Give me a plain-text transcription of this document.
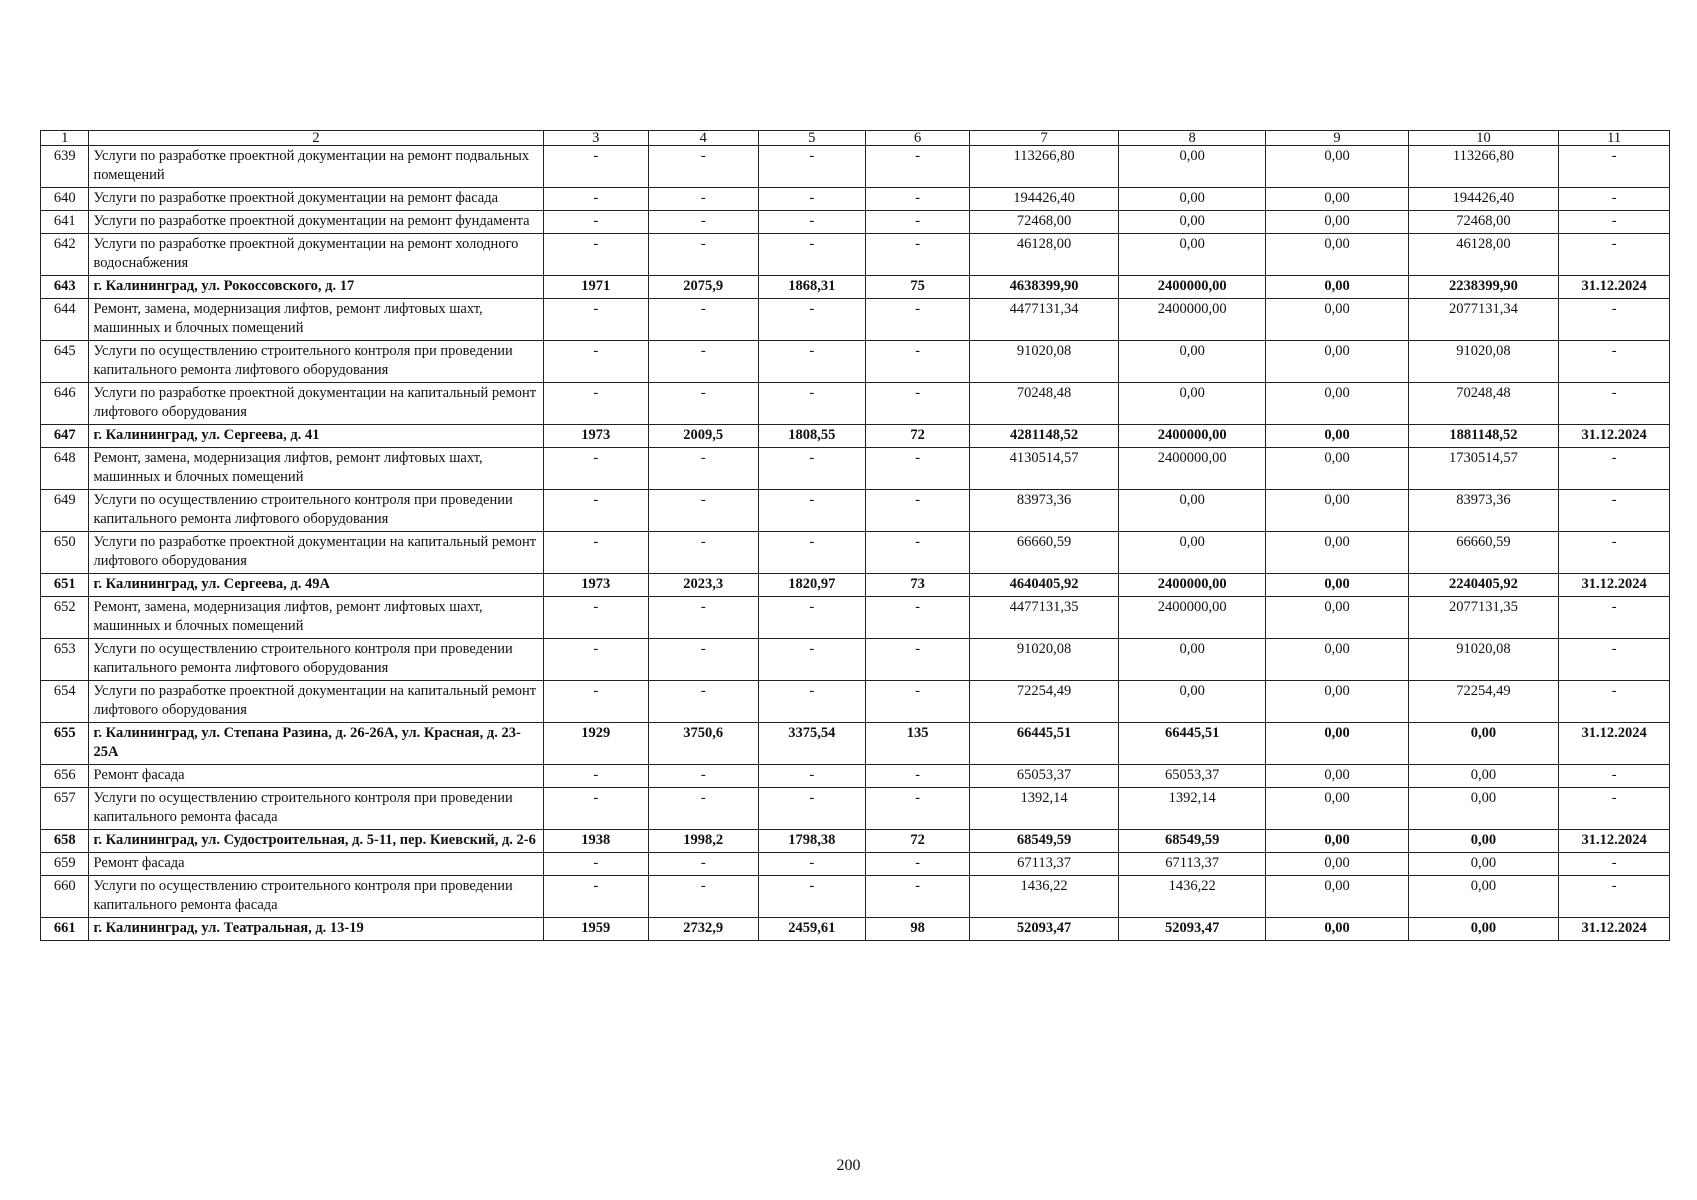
1	2	3	4	5	6	7	8	9	10	11
639	Услуги по разработке проектной документации на ремонт подвальных помещений	-	-	-	-	113266,80	0,00	0,00	113266,80	-
640	Услуги по разработке проектной документации на ремонт фасада	-	-	-	-	194426,40	0,00	0,00	194426,40	-
641	Услуги по разработке проектной документации на ремонт фундамента	-	-	-	-	72468,00	0,00	0,00	72468,00	-
642	Услуги по разработке проектной документации на ремонт холодного водоснабжения	-	-	-	-	46128,00	0,00	0,00	46128,00	-
643	г. Калининград, ул. Рокоссовского, д. 17	1971	2075,9	1868,31	75	4638399,90	2400000,00	0,00	2238399,90	31.12.2024
644	Ремонт, замена, модернизация лифтов, ремонт лифтовых шахт, машинных и блочных помещений	-	-	-	-	4477131,34	2400000,00	0,00	2077131,34	-
645	Услуги по осуществлению строительного контроля при проведении капитального ремонта лифтового оборудования	-	-	-	-	91020,08	0,00	0,00	91020,08	-
646	Услуги по разработке проектной документации на капитальный ремонт лифтового оборудования	-	-	-	-	70248,48	0,00	0,00	70248,48	-
647	г. Калининград, ул. Сергеева, д. 41	1973	2009,5	1808,55	72	4281148,52	2400000,00	0,00	1881148,52	31.12.2024
648	Ремонт, замена, модернизация лифтов, ремонт лифтовых шахт, машинных и блочных помещений	-	-	-	-	4130514,57	2400000,00	0,00	1730514,57	-
649	Услуги по осуществлению строительного контроля при проведении капитального ремонта лифтового оборудования	-	-	-	-	83973,36	0,00	0,00	83973,36	-
650	Услуги по разработке проектной документации на капитальный ремонт лифтового оборудования	-	-	-	-	66660,59	0,00	0,00	66660,59	-
651	г. Калининград, ул. Сергеева, д. 49А	1973	2023,3	1820,97	73	4640405,92	2400000,00	0,00	2240405,92	31.12.2024
652	Ремонт, замена, модернизация лифтов, ремонт лифтовых шахт, машинных и блочных помещений	-	-	-	-	4477131,35	2400000,00	0,00	2077131,35	-
653	Услуги по осуществлению строительного контроля при проведении капитального ремонта лифтового оборудования	-	-	-	-	91020,08	0,00	0,00	91020,08	-
654	Услуги по разработке проектной документации на капитальный ремонт лифтового оборудования	-	-	-	-	72254,49	0,00	0,00	72254,49	-
655	г. Калининград, ул. Степана Разина, д. 26-26А, ул. Красная, д. 23-25А	1929	3750,6	3375,54	135	66445,51	66445,51	0,00	0,00	31.12.2024
656	Ремонт фасада	-	-	-	-	65053,37	65053,37	0,00	0,00	-
657	Услуги по осуществлению строительного контроля при проведении капитального ремонта фасада	-	-	-	-	1392,14	1392,14	0,00	0,00	-
658	г. Калининград, ул. Судостроительная, д. 5-11, пер. Киевский, д. 2-6	1938	1998,2	1798,38	72	68549,59	68549,59	0,00	0,00	31.12.2024
659	Ремонт фасада	-	-	-	-	67113,37	67113,37	0,00	0,00	-
660	Услуги по осуществлению строительного контроля при проведении капитального ремонта фасада	-	-	-	-	1436,22	1436,22	0,00	0,00	-
661	г. Калининград, ул. Театральная, д. 13-19	1959	2732,9	2459,61	98	52093,47	52093,47	0,00	0,00	31.12.2024
200
